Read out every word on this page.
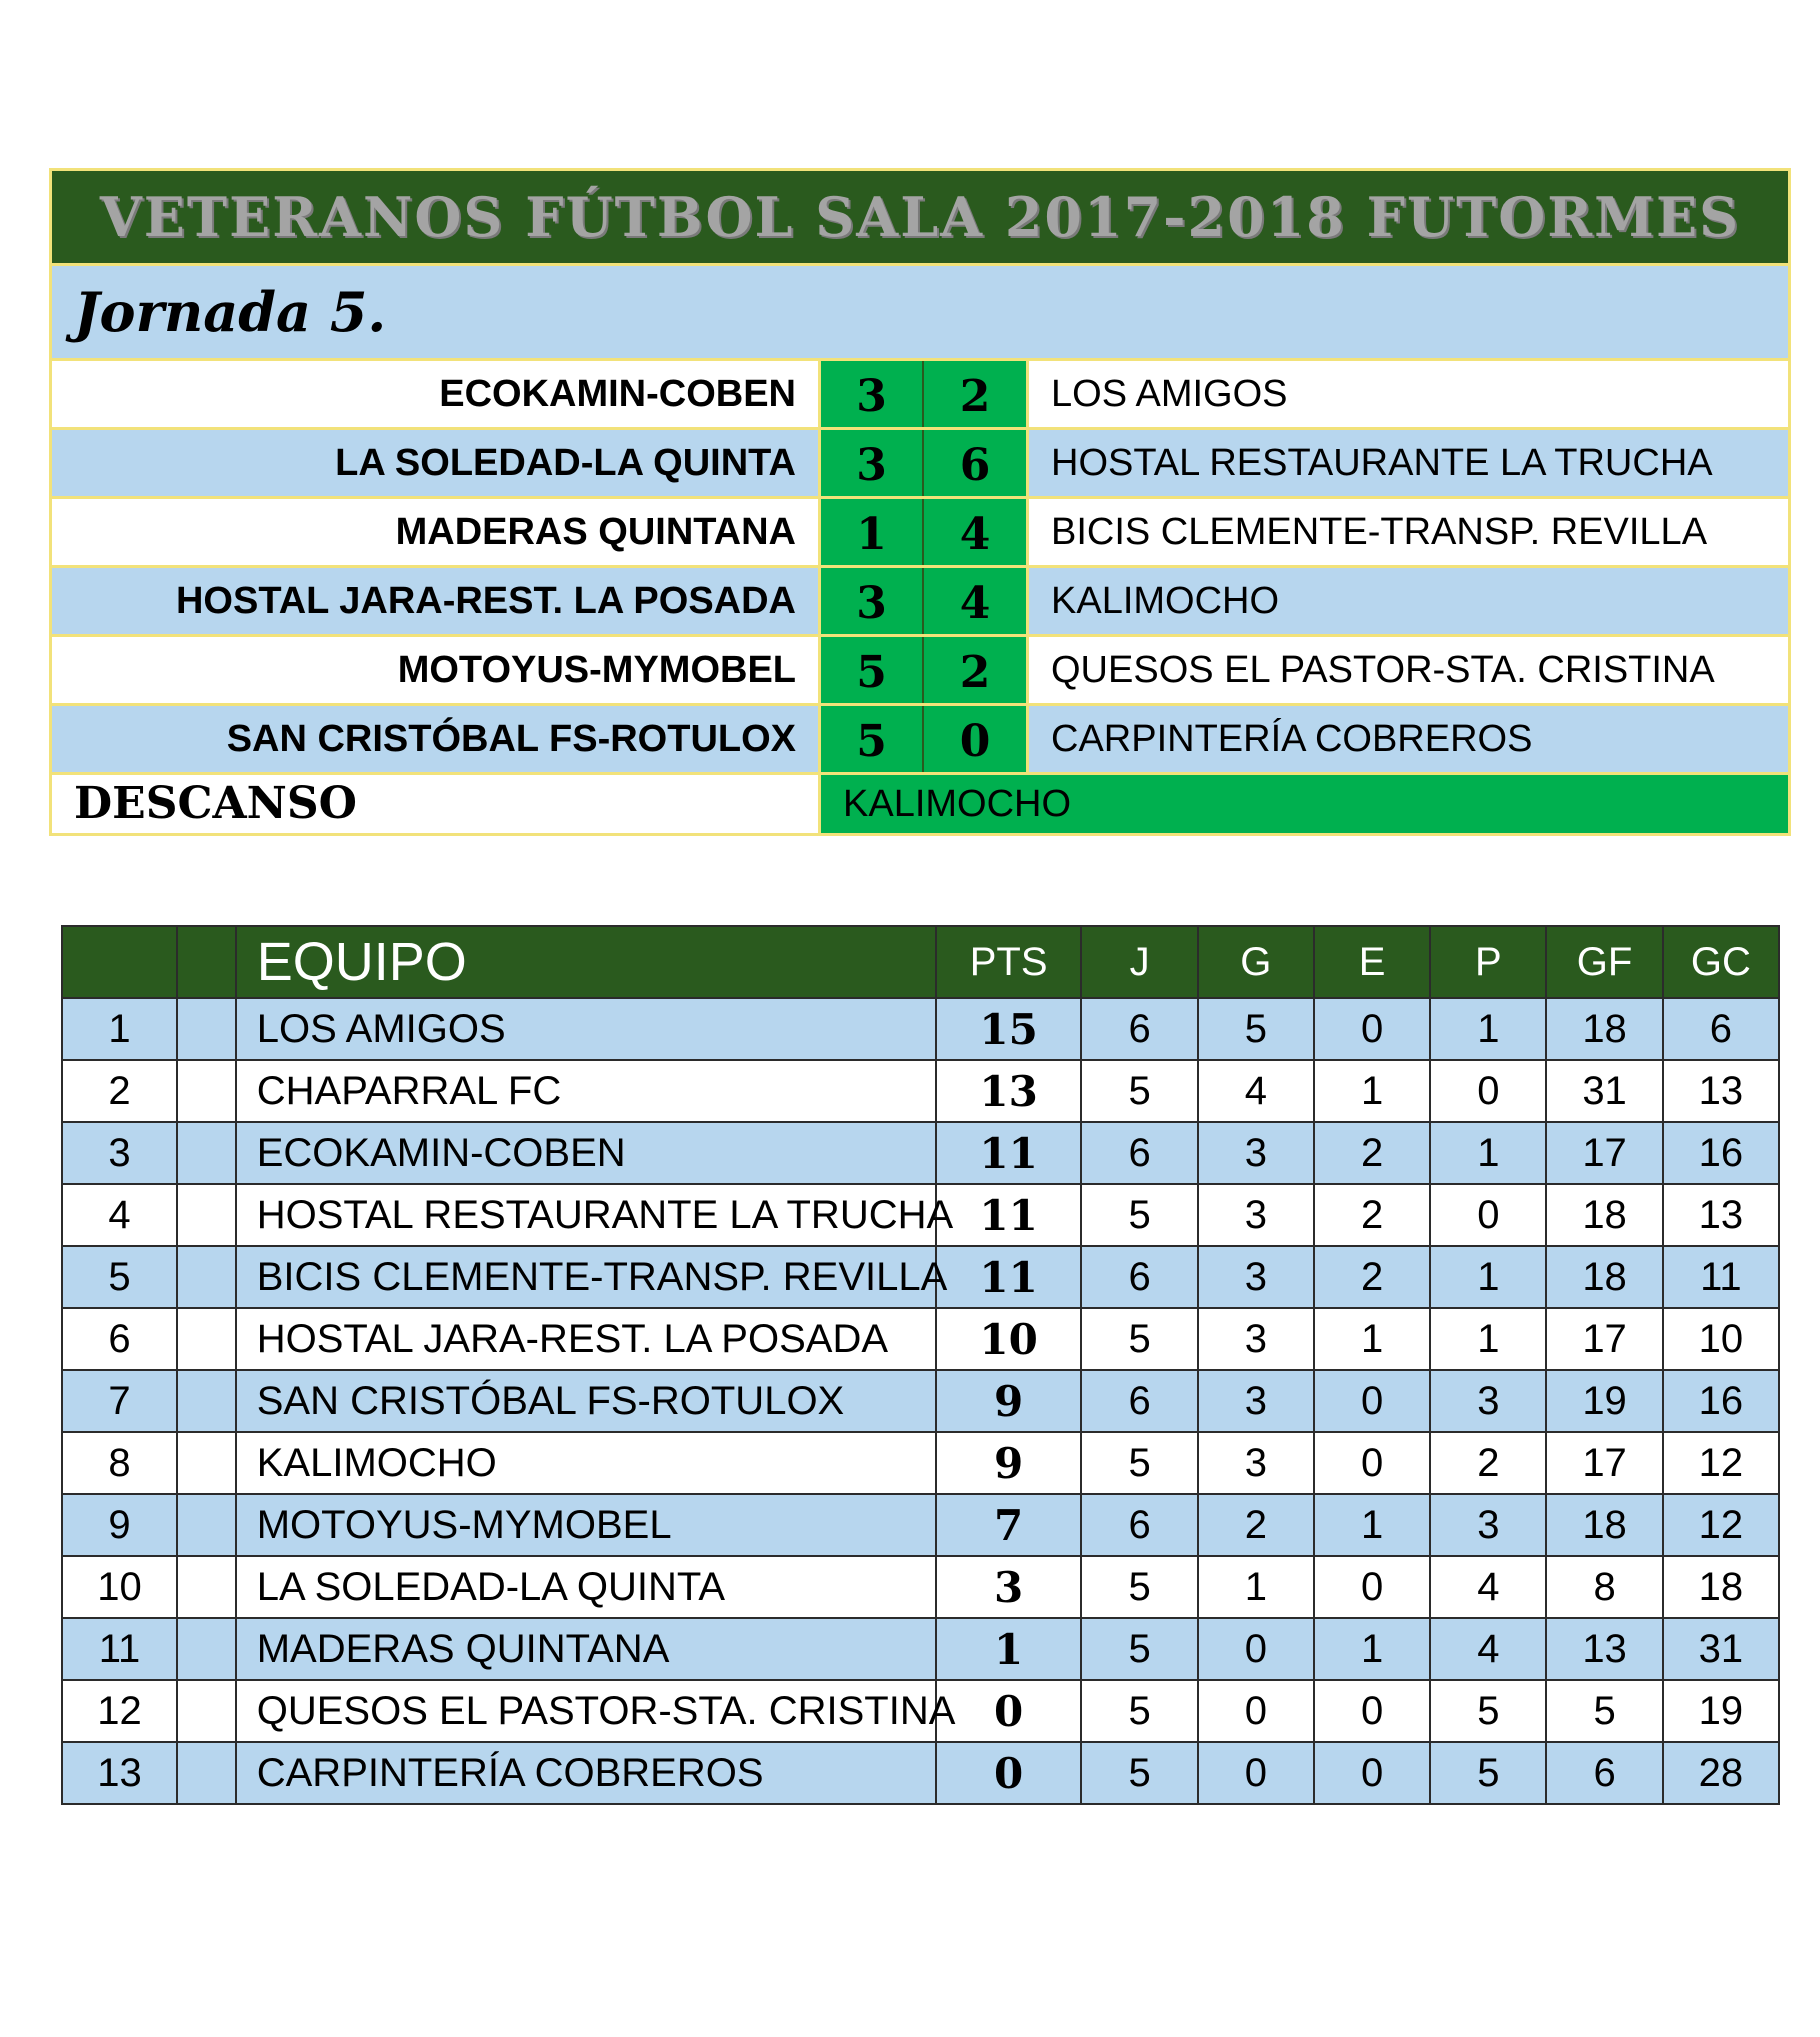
VETERANOS FÚTBOL SALA 2017-2018 FUTORMES
Jornada 5.
ECOKAMIN-COBEN	3	2	LOS AMIGOS
LA SOLEDAD-LA QUINTA	3	6	HOSTAL RESTAURANTE LA TRUCHA
MADERAS QUINTANA	1	4	BICIS CLEMENTE-TRANSP. REVILLA
HOSTAL JARA-REST. LA POSADA	3	4	KALIMOCHO
MOTOYUS-MYMOBEL	5	2	QUESOS EL PASTOR-STA. CRISTINA
SAN CRISTÓBAL FS-ROTULOX	5	0	CARPINTERÍA COBREROS
DESCANSO	KALIMOCHO
		EQUIPO	PTS	J	G	E	P	GF	GC
1		LOS AMIGOS	15	6	5	0	1	18	6
2		CHAPARRAL FC	13	5	4	1	0	31	13
3		ECOKAMIN-COBEN	11	6	3	2	1	17	16
4		HOSTAL RESTAURANTE LA TRUCHA	11	5	3	2	0	18	13
5		BICIS CLEMENTE-TRANSP. REVILLA	11	6	3	2	1	18	11
6		HOSTAL JARA-REST. LA POSADA	10	5	3	1	1	17	10
7		SAN CRISTÓBAL FS-ROTULOX	9	6	3	0	3	19	16
8		KALIMOCHO	9	5	3	0	2	17	12
9		MOTOYUS-MYMOBEL	7	6	2	1	3	18	12
10		LA SOLEDAD-LA QUINTA	3	5	1	0	4	8	18
11		MADERAS QUINTANA	1	5	0	1	4	13	31
12		QUESOS EL PASTOR-STA. CRISTINA	0	5	0	0	5	5	19
13		CARPINTERÍA COBREROS	0	5	0	0	5	6	28
